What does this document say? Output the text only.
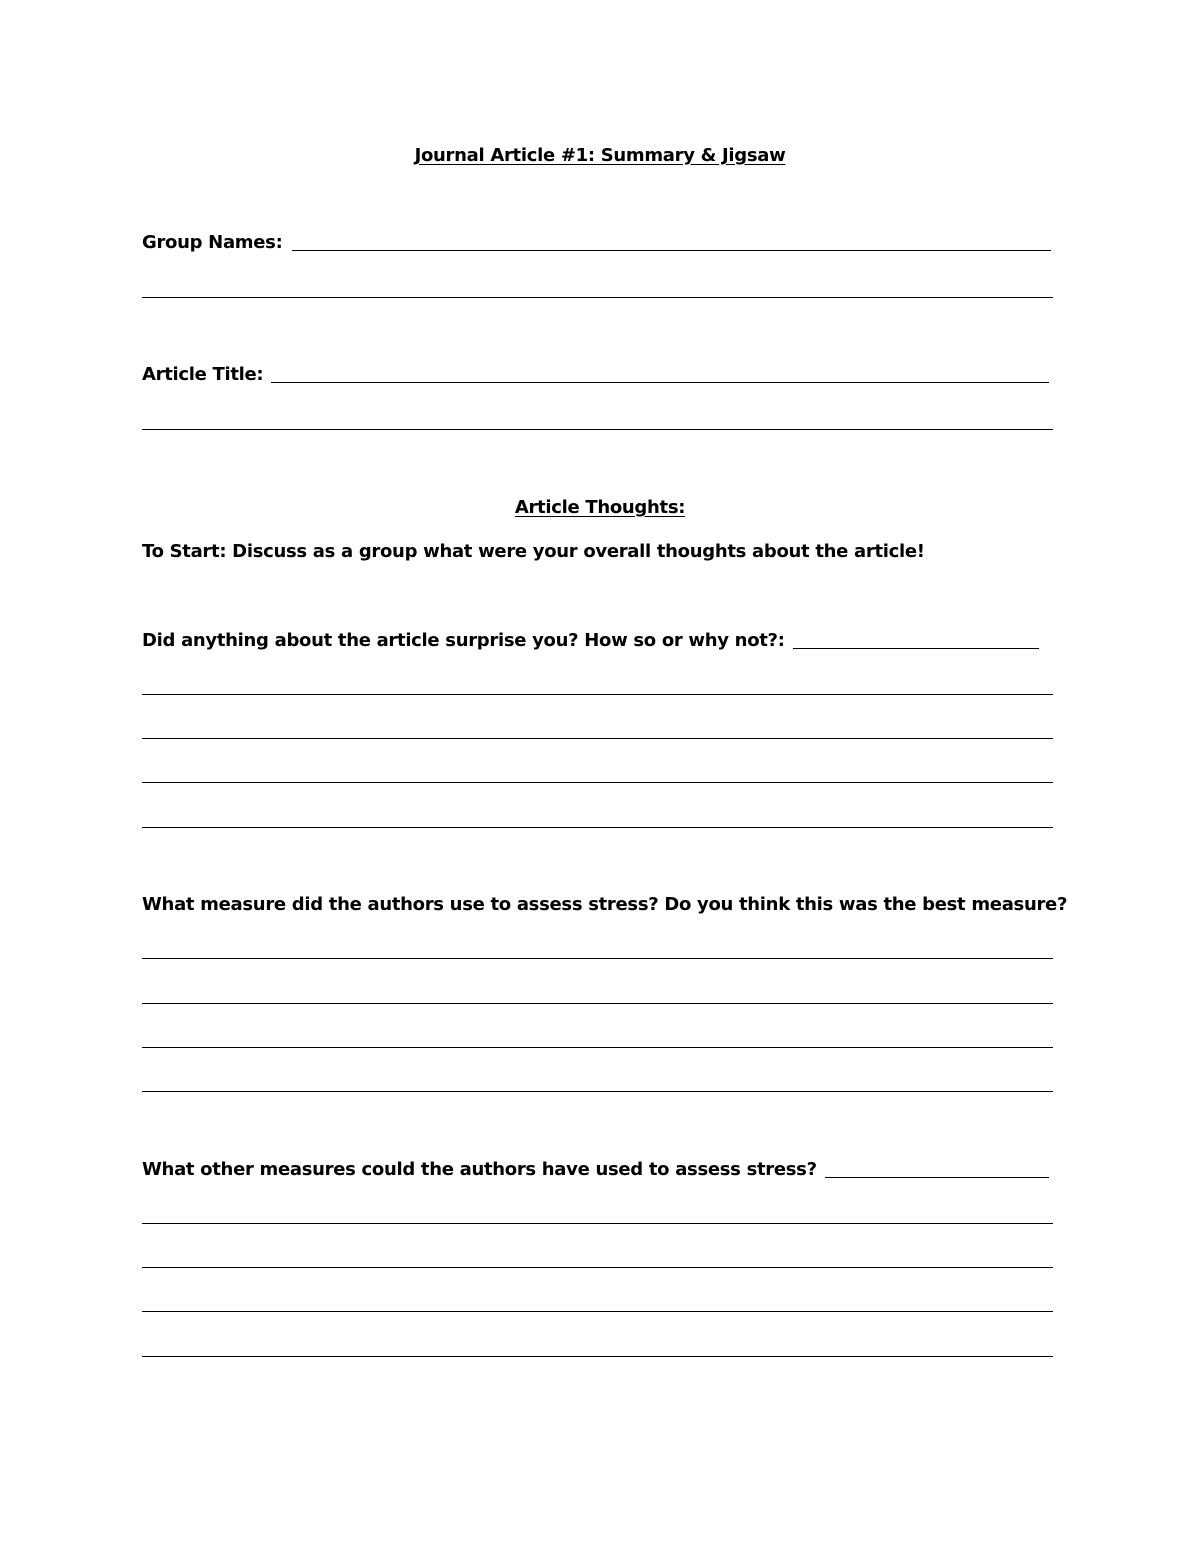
Journal Article #1: Summary & Jigsaw
Group Names:
Article Title:
Article Thoughts:
To Start: Discuss as a group what were your overall thoughts about the article!
Did anything about the article surprise you? How so or why not?:
What measure did the authors use to assess stress? Do you think this was the best measure?
What other measures could the authors have used to assess stress?
